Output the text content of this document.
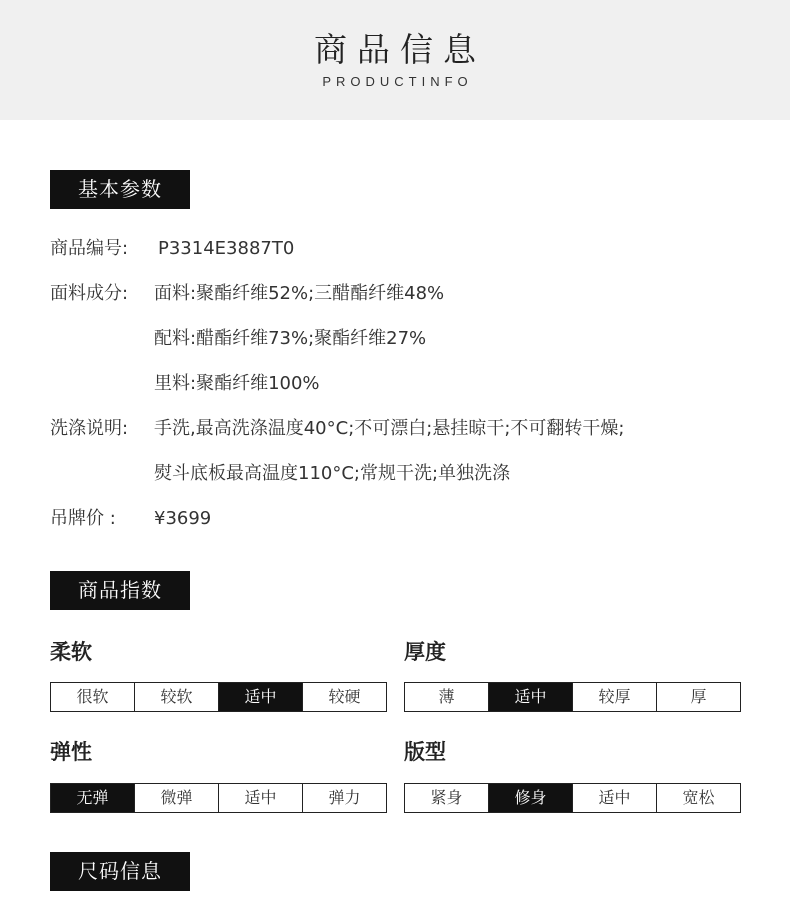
商品信息
PRODUCTINFO
基本参数
商品编号: P3314E3887T0
面料成分: 面料:聚酯纤维52%;三醋酯纤维48%
配料:醋酯纤维73%;聚酯纤维27%
里料:聚酯纤维100%
洗涤说明: 手洗,最高洗涤温度40°C;不可漂白;悬挂晾干;不可翻转干燥;
熨斗底板最高温度110°C;常规干洗;单独洗涤
吊牌价 : ¥3699
商品指数
柔软
很软	较软	适中	较硬
厚度
薄	适中	较厚	厚
弹性
无弹	微弹	适中	弹力
版型
紧身	修身	适中	宽松
尺码信息
